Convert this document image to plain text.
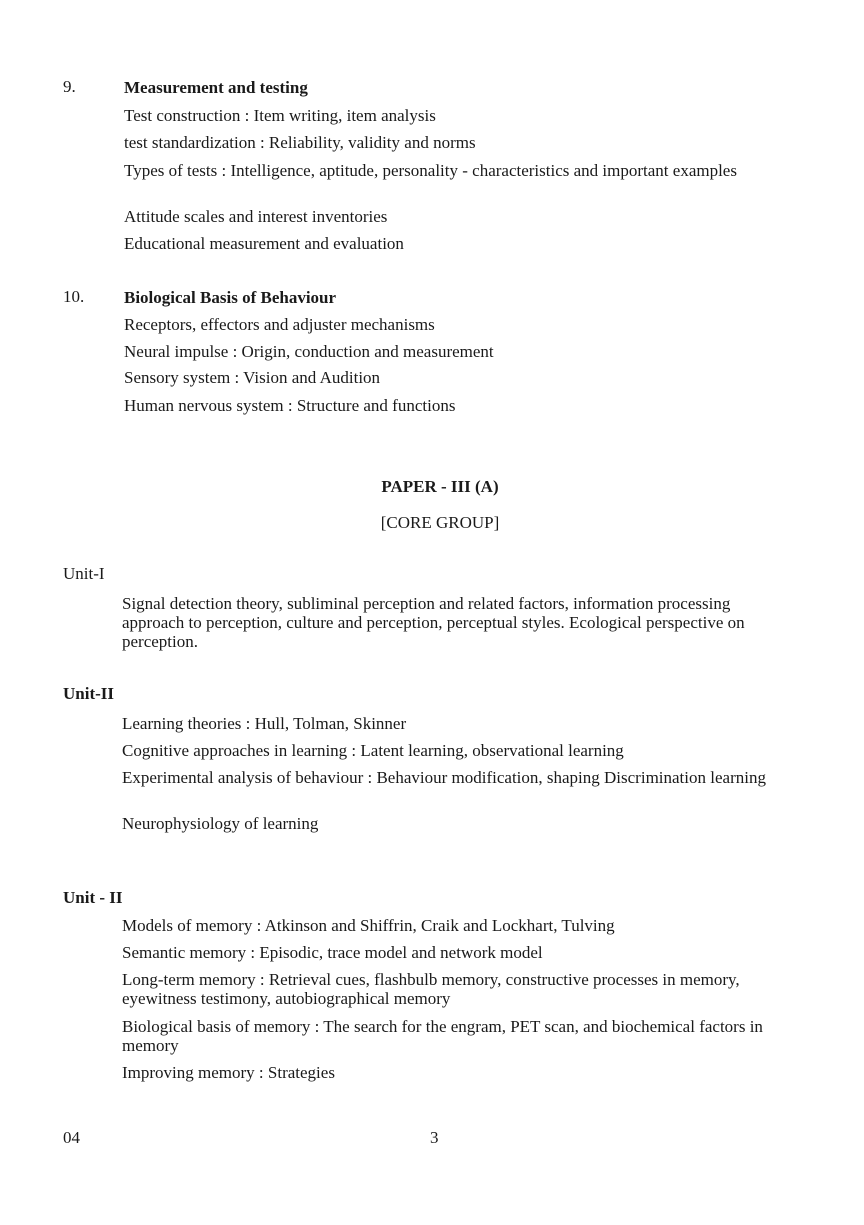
9.	Measurement and testing
Test construction : Item writing, item analysis
test standardization : Reliability, validity and norms
Types of tests : Intelligence, aptitude, personality - characteristics and important examples
Attitude scales and interest inventories
Educational measurement and evaluation
10. Biological Basis of Behaviour
Receptors, effectors and adjuster mechanisms
Neural impulse : Origin, conduction and measurement
Sensory system : Vision and Audition
Human nervous system : Structure and functions
PAPER - III (A)
[CORE GROUP]
Unit-I
Signal detection theory, subliminal perception and related factors, information processing approach to perception, culture and perception, perceptual styles. Ecological perspective on perception.
Unit-II
Learning theories : Hull, Tolman, Skinner
Cognitive approaches in learning : Latent learning, observational learning
Experimental analysis of behaviour : Behaviour modification, shaping Discrimination learning
Neurophysiology of learning
Unit - II
Models of memory : Atkinson and Shiffrin, Craik and Lockhart, Tulving
Semantic memory : Episodic, trace model and network model
Long-term memory : Retrieval cues, flashbulb memory, constructive processes in memory, eyewitness testimony, autobiographical memory
Biological basis of memory : The search for the engram, PET scan, and biochemical factors in memory
Improving memory : Strategies
04	3
